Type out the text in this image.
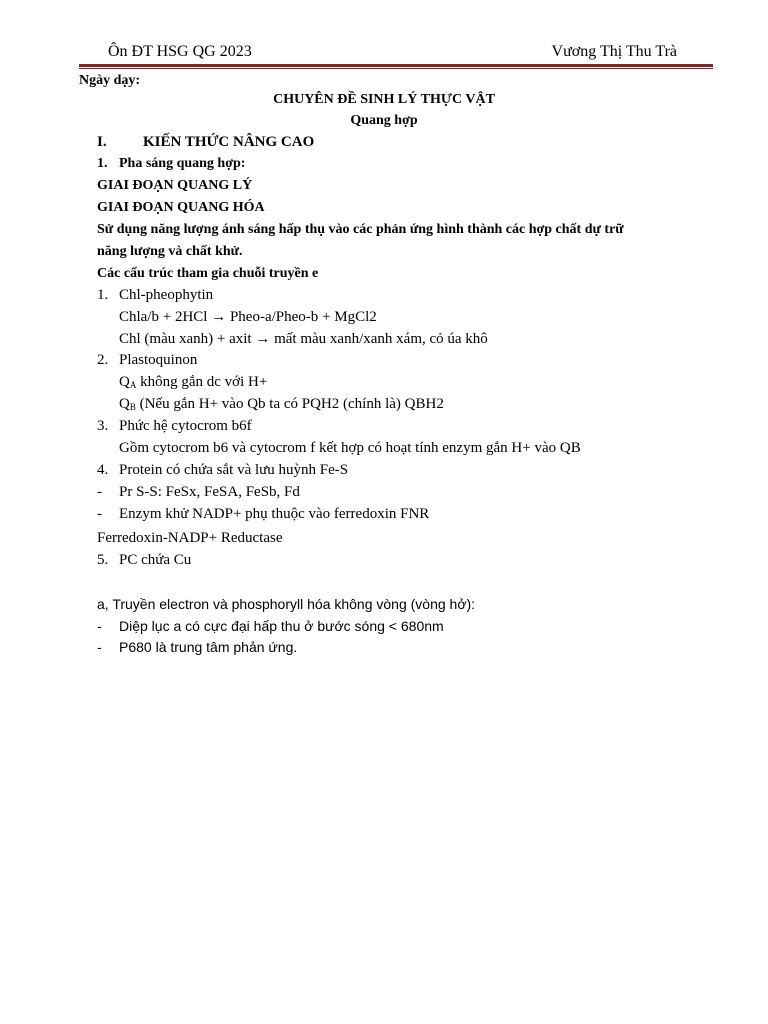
Ôn ĐT HSG QG 2023	Vương Thị Thu Trà
Ngày dạy:
CHUYÊN ĐỀ SINH LÝ THỰC VẬT
Quang hợp
I. KIẾN THỨC NÂNG CAO
1. Pha sáng quang hợp:
GIAI ĐOẠN QUANG LÝ
GIAI ĐOẠN QUANG HÓA
Sử dụng năng lượng ánh sáng hấp thụ vào các phản ứng hình thành các hợp chất dự trữ
năng lượng và chất khử.
Các cấu trúc tham gia chuỗi truyền e
1. Chl-pheophytin
Chla/b + 2HCl → Pheo-a/Pheo-b + MgCl2
Chl (màu xanh) + axit → mất màu xanh/xanh xám, cỏ úa khô
2. Plastoquinon
$Q_A$ không gắn dc với H+
$Q_B$ (Nếu gắn H+ vào Qb ta có PQH2 (chính là) QBH2
3. Phức hệ cytocrom b6f
Gồm cytocrom b6 và cytocrom f kết hợp có hoạt tính enzym gắn H+ vào QB
4. Protein có chứa sắt và lưu huỳnh Fe-S
- Pr S-S: FeSx, FeSA, FeSb, Fd
- Enzym khử NADP+ phụ thuộc vào ferredoxin FNR
Ferredoxin-NADP+ Reductase
5. PC chứa Cu
a, Truyền electron và phosphoryll hóa không vòng (vòng hở):
- Diệp lục a có cực đại hấp thu ở bước sóng < 680nm
- P680 là trung tâm phản ứng.
